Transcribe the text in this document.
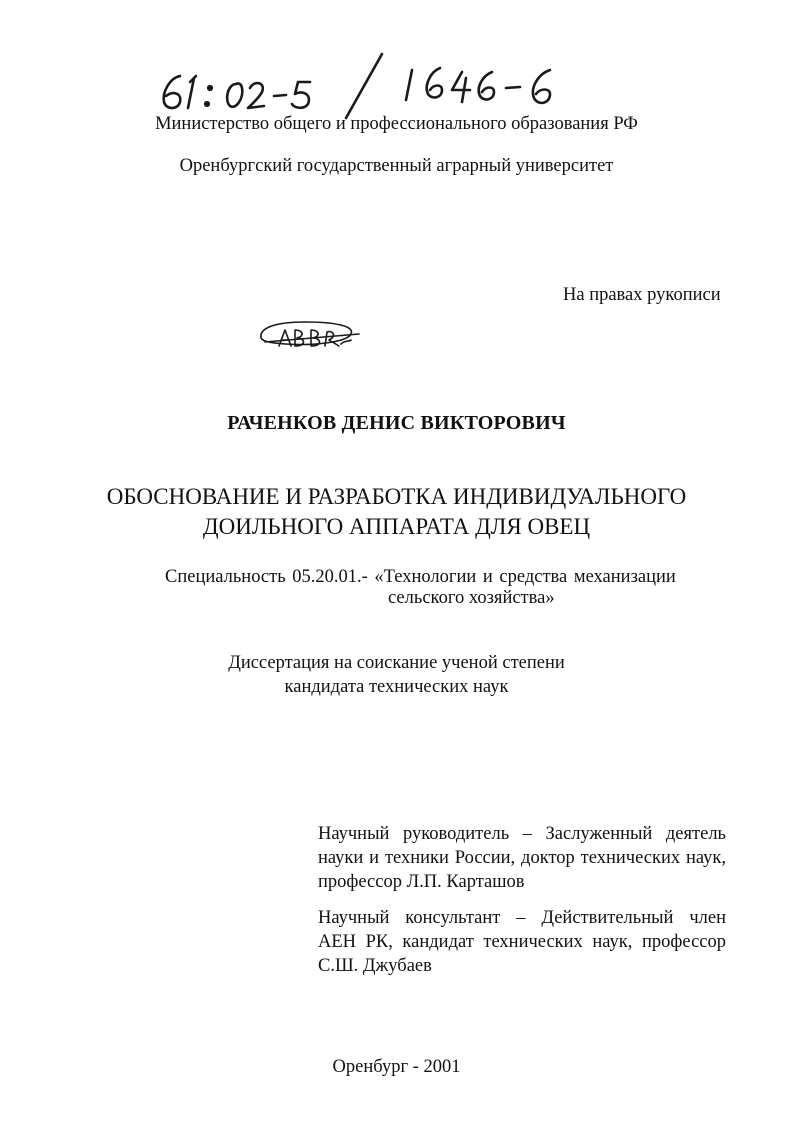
Министерство общего и профессионального образования РФ
Оренбургский государственный аграрный университет
На правах рукописи
РАЧЕНКОВ ДЕНИС ВИКТОРОВИЧ
ОБОСНОВАНИЕ И РАЗРАБОТКА ИНДИВИДУАЛЬНОГО
ДОИЛЬНОГО АППАРАТА ДЛЯ ОВЕЦ
Специальность 05.20.01.- «Технологии и средства механизации
сельского хозяйства»
Диссертация на соискание ученой степени
кандидата технических наук
Научный руководитель – Заслуженный деятель
науки и техники России, доктор технических наук,
профессор Л.П. Карташов
Научный консультант – Действительный член
АЕН РК, кандидат технических наук, профессор
С.Ш. Джубаев
Оренбург - 2001
